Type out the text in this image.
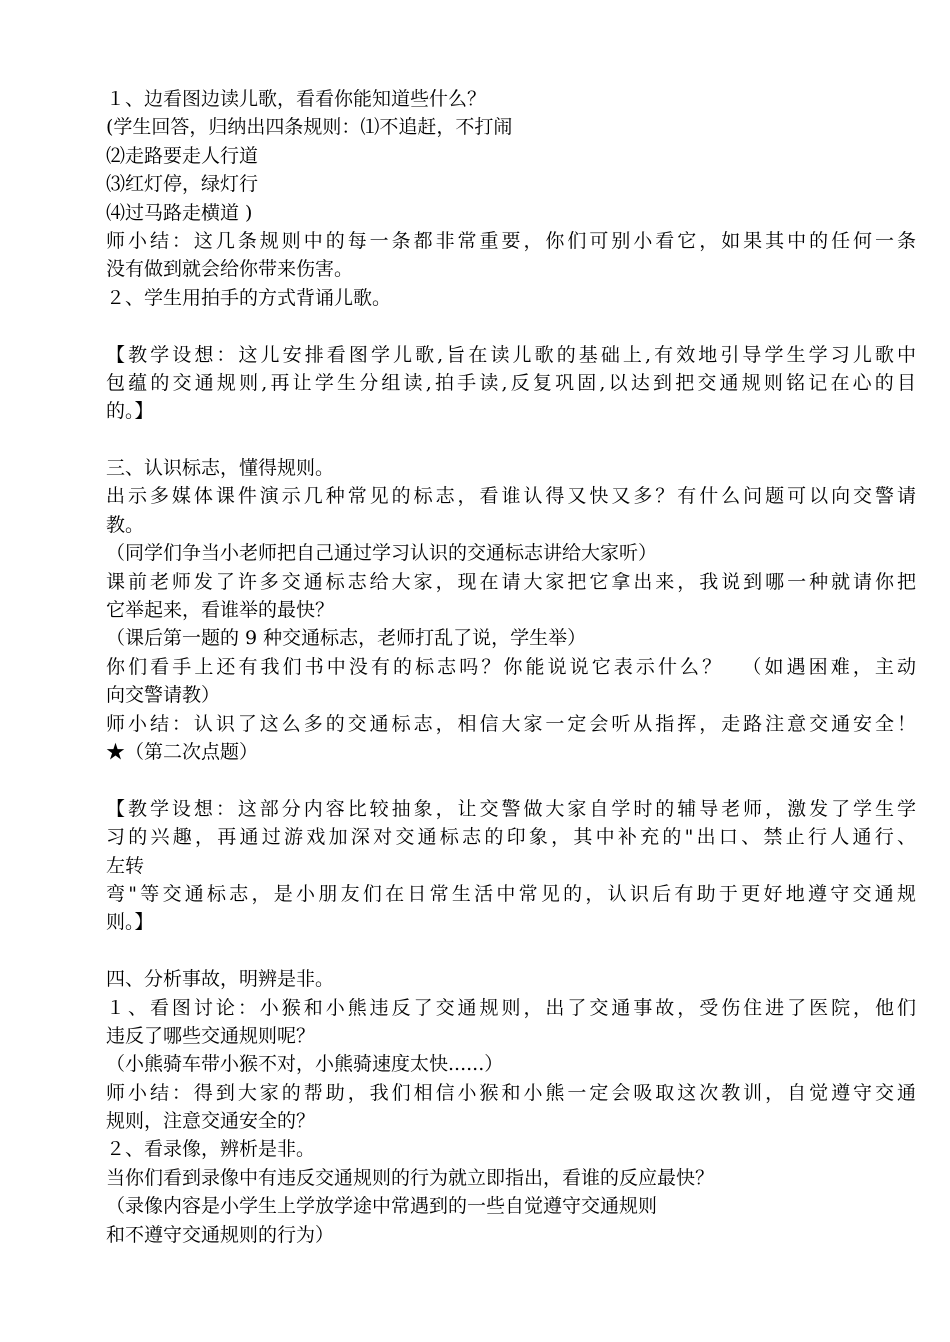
１、边看图边读儿歌，看看你能知道些什么？
(学生回答，归纳出四条规则：⑴不追赶，不打闹
⑵走路要走人行道
⑶红灯停，绿灯行
⑷过马路走横道 )
师小结：这几条规则中的每一条都非常重要，你们可别小看它，如果其中的任何一条
没有做到就会给你带来伤害。
２、学生用拍手的方式背诵儿歌。
【教学设想：这儿安排看图学儿歌,旨在读儿歌的基础上,有效地引导学生学习儿歌中
包蕴的交通规则,再让学生分组读,拍手读,反复巩固,以达到把交通规则铭记在心的目
的。】
三、认识标志，懂得规则。
出示多媒体课件演示几种常见的标志，看谁认得又快又多？有什么问题可以向交警请
教。
（同学们争当小老师把自己通过学习认识的交通标志讲给大家听）
课前老师发了许多交通标志给大家，现在请大家把它拿出来，我说到哪一种就请你把
它举起来，看谁举的最快？
（课后第一题的 9 种交通标志，老师打乱了说，学生举）
你们看手上还有我们书中没有的标志吗？你能说说它表示什么？  （如遇困难，主动
向交警请教）
师小结：认识了这么多的交通标志，相信大家一定会听从指挥，走路注意交通安全！
★（第二次点题）
【教学设想：这部分内容比较抽象，让交警做大家自学时的辅导老师，激发了学生学
习的兴趣，再通过游戏加深对交通标志的印象，其中补充的"出口、禁止行人通行、
左转
弯"等交通标志，是小朋友们在日常生活中常见的，认识后有助于更好地遵守交通规
则。】
四、分析事故，明辨是非。
１、看图讨论：小猴和小熊违反了交通规则，出了交通事故，受伤住进了医院，他们
违反了哪些交通规则呢？
（小熊骑车带小猴不对，小熊骑速度太快......）
师小结：得到大家的帮助，我们相信小猴和小熊一定会吸取这次教训，自觉遵守交通
规则，注意交通安全的？
２、看录像，辨析是非。
当你们看到录像中有违反交通规则的行为就立即指出，看谁的反应最快？
（录像内容是小学生上学放学途中常遇到的一些自觉遵守交通规则
和不遵守交通规则的行为）
